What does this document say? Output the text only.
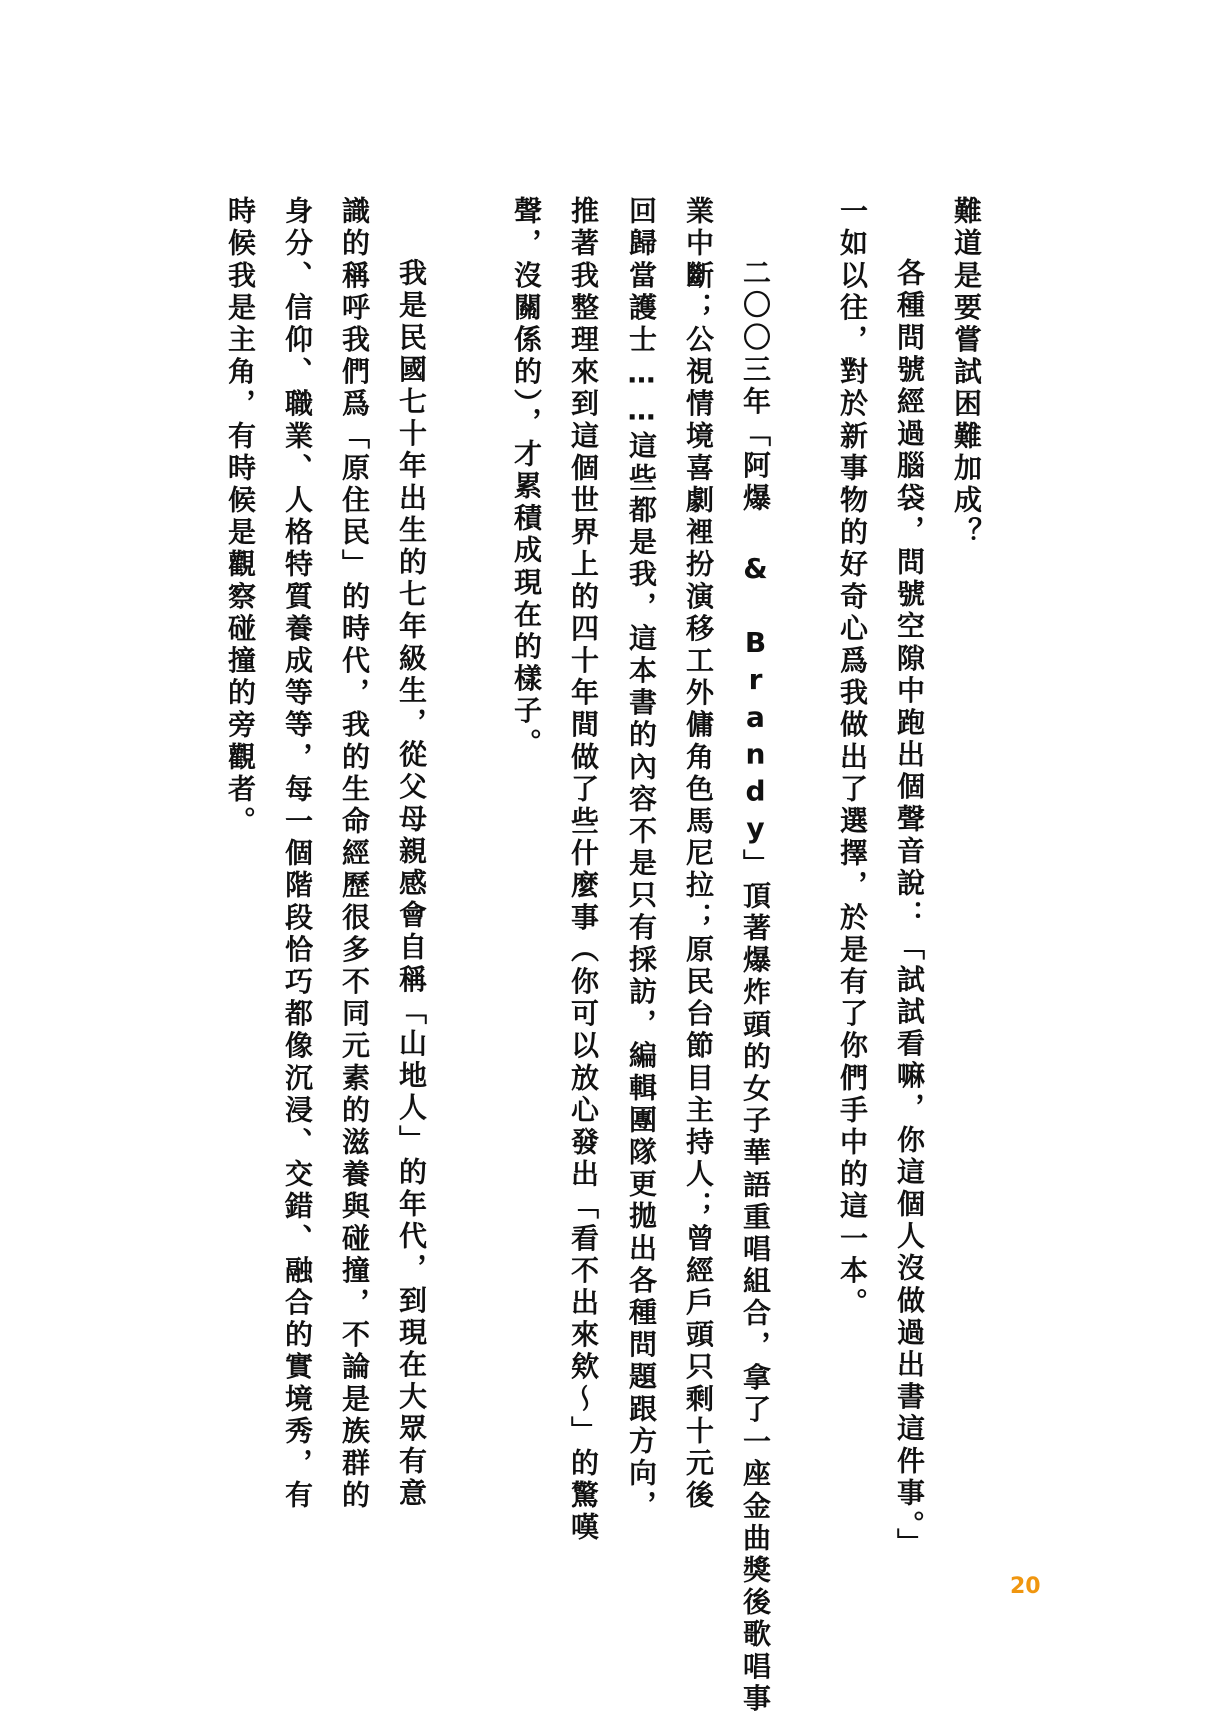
難道是要嘗試困難加成？
各種問號經過腦袋，問號空隙中跑出個聲音說：「試試看嘛，你這個人沒做過出書這件事。」
一如以往，對於新事物的好奇心爲我做出了選擇，於是有了你們手中的這一本。
二〇〇三年「阿爆 & Brandy」頂著爆炸頭的女子華語重唱組合，拿了一座金曲獎後歌唱事
業中斷；公視情境喜劇裡扮演移工外傭角色馬尼拉；原民台節目主持人；曾經戶頭只剩十元後
回歸當護士……這些都是我，這本書的內容不是只有採訪，編輯團隊更拋出各種問題跟方向，
推著我整理來到這個世界上的四十年間做了些什麼事（你可以放心發出「看不出來欸～」的驚嘆
聲，沒關係的），才累積成現在的樣子。
我是民國七十年出生的七年級生，從父母親感會自稱「山地人」的年代，到現在大眾有意
識的稱呼我們爲「原住民」的時代，我的生命經歷很多不同元素的滋養與碰撞，不論是族群的
身分、信仰、職業、人格特質養成等等，每一個階段恰巧都像沉浸、交錯、融合的實境秀，有
時候我是主角，有時候是觀察碰撞的旁觀者。
20
